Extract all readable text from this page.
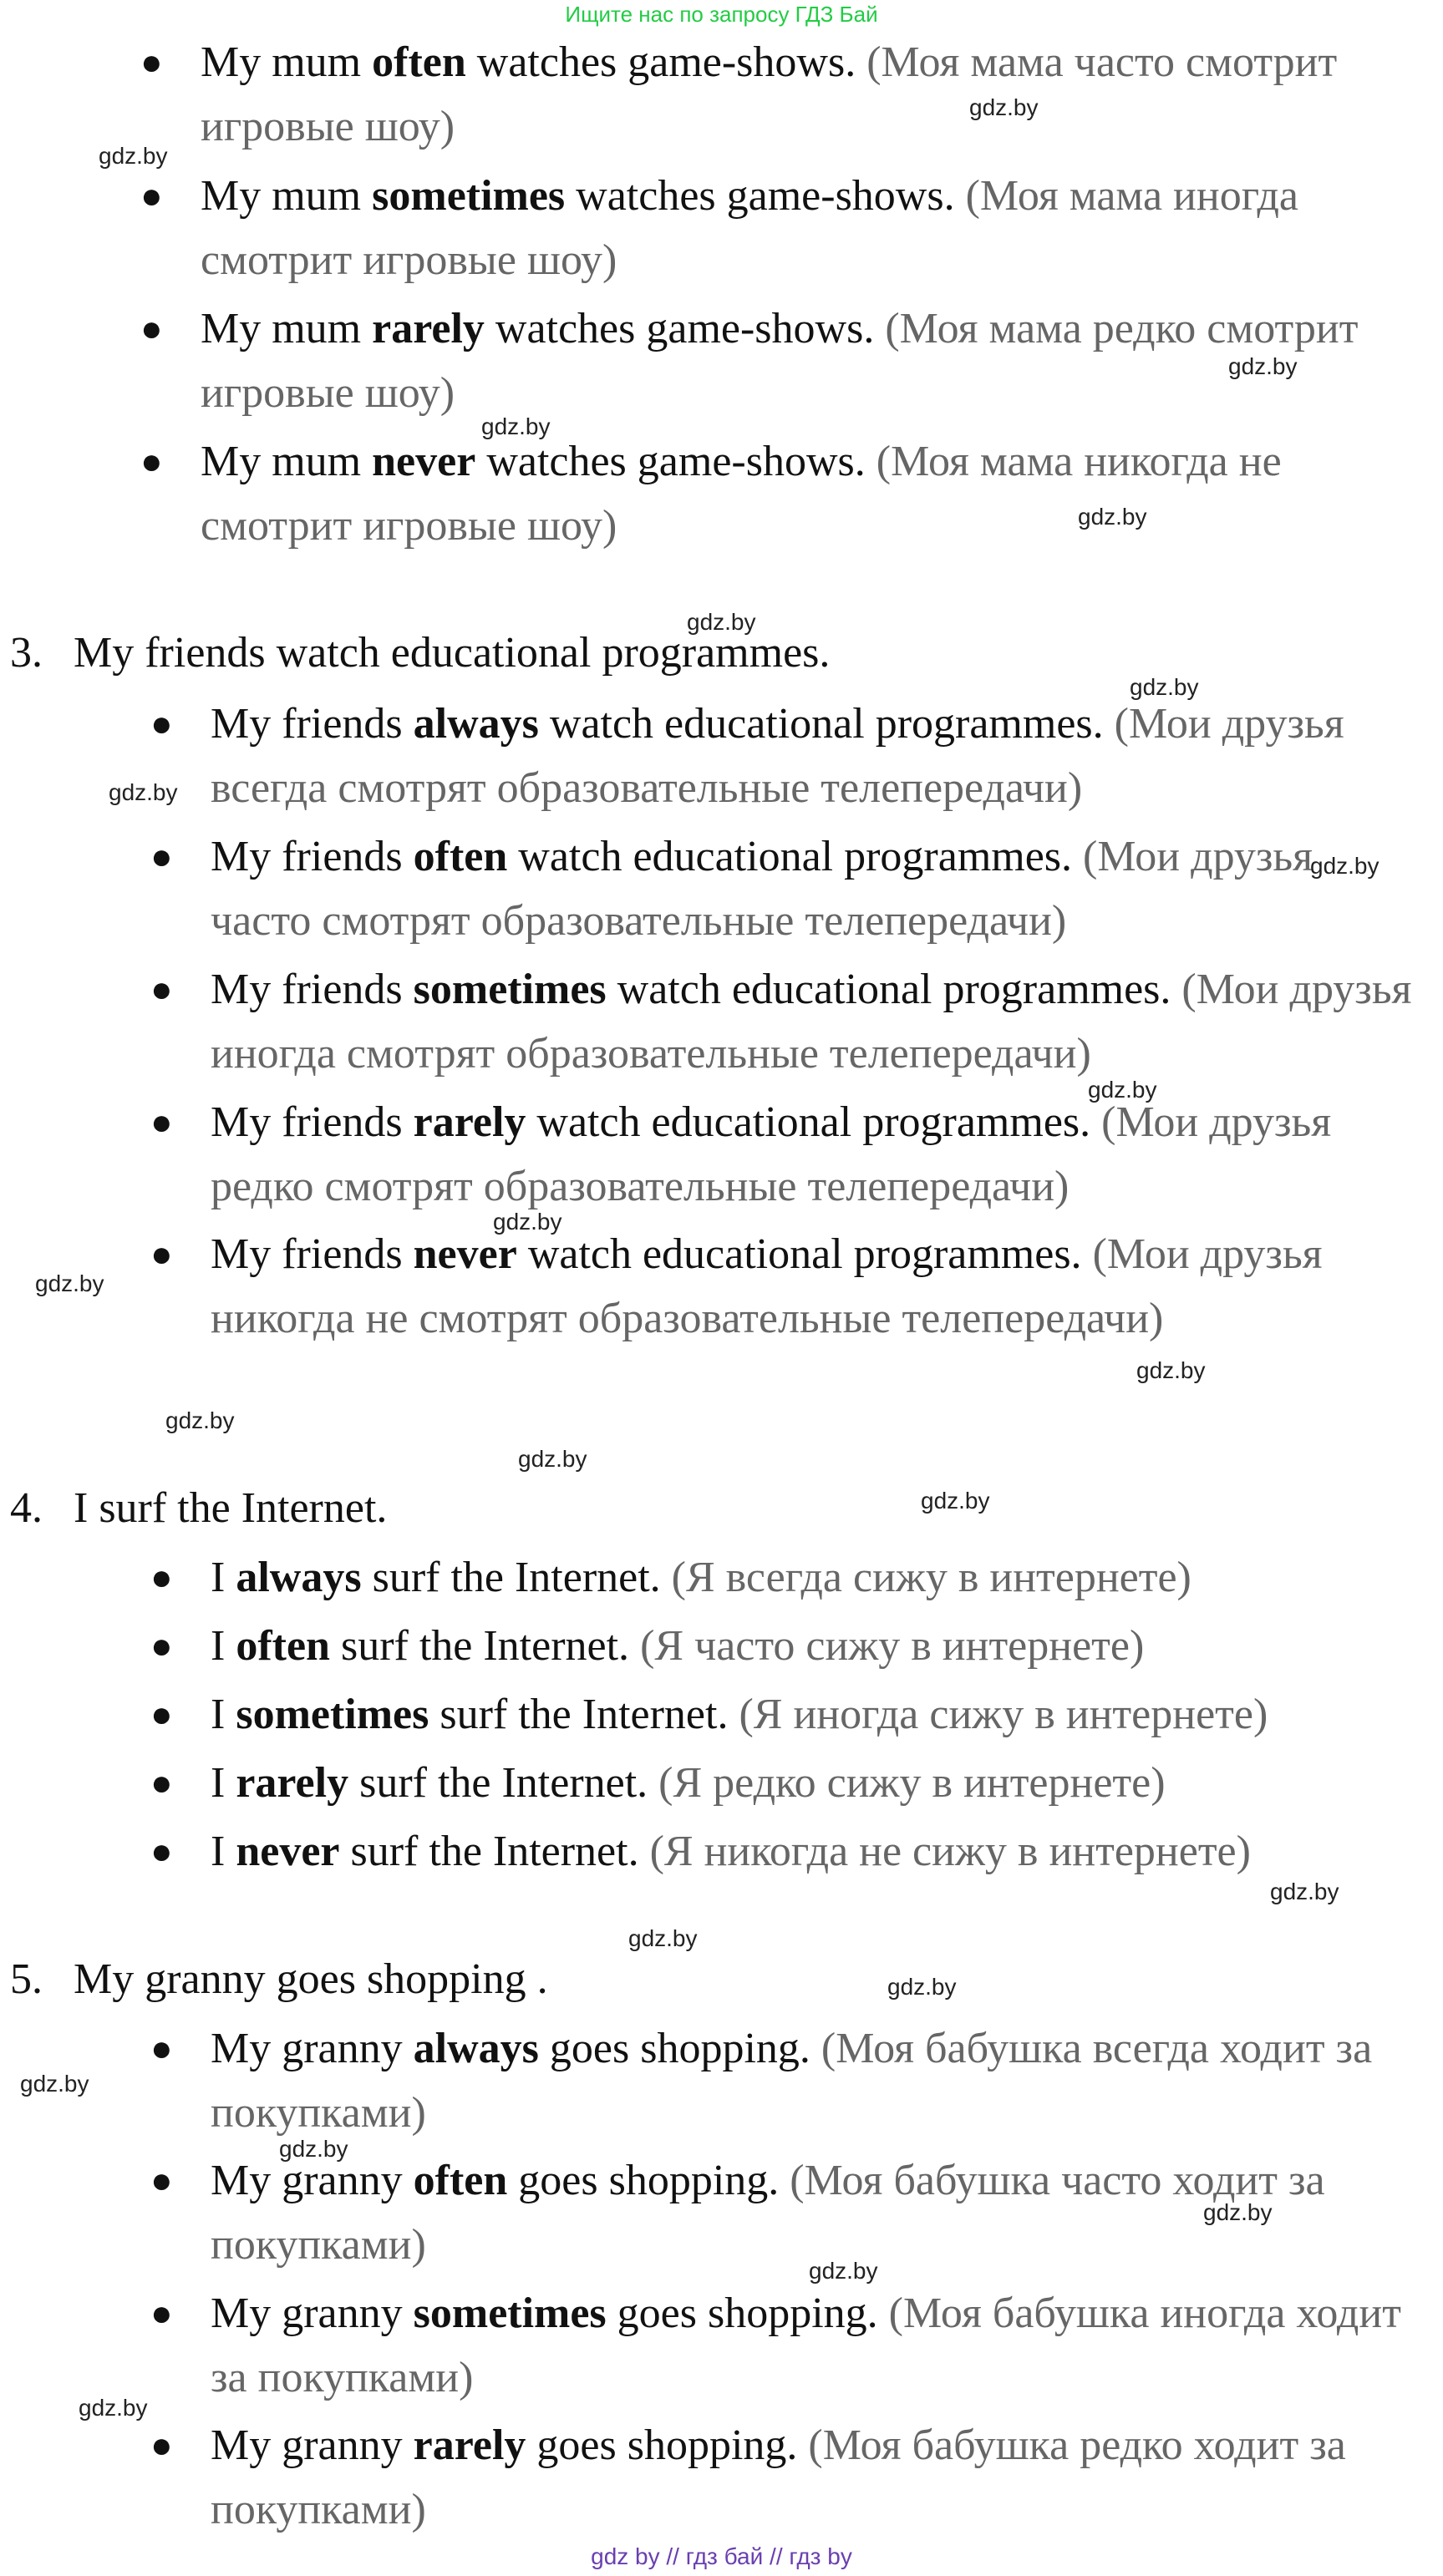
Ищите нас по запросу ГДЗ Бай
● My mum often watches game-shows. (Моя мама часто смотрит игровые шоу)
● My mum sometimes watches game-shows. (Моя мама иногда смотрит игровые шоу)
● My mum rarely watches game-shows. (Моя мама редко смотрит игровые шоу)
● My mum never watches game-shows. (Моя мама никогда не смотрит игровые шоу)
3. My friends watch educational programmes.
● My friends always watch educational programmes. (Мои друзья всегда смотрят образовательные телепередачи)
● My friends often watch educational programmes. (Мои друзья часто смотрят образовательные телепередачи)
● My friends sometimes watch educational programmes. (Мои друзья иногда смотрят образовательные телепередачи)
● My friends rarely watch educational programmes. (Мои друзья редко смотрят образовательные телепередачи)
● My friends never watch educational programmes. (Мои друзья никогда не смотрят образовательные телепередачи)
4. I surf the Internet.
● I always surf the Internet. (Я всегда сижу в интернете)
● I often surf the Internet. (Я часто сижу в интернете)
● I sometimes surf the Internet. (Я иногда сижу в интернете)
● I rarely surf the Internet. (Я редко сижу в интернете)
● I never surf the Internet. (Я никогда не сижу в интернете)
5. My granny goes shopping .
● My granny always goes shopping. (Моя бабушка всегда ходит за покупками)
● My granny often goes shopping. (Моя бабушка часто ходит за покупками)
● My granny sometimes goes shopping. (Моя бабушка иногда ходит за покупками)
● My granny rarely goes shopping. (Моя бабушка редко ходит за покупками)
gdz.by
gdz.by
gdz.by
gdz.by
gdz.by
gdz.by
gdz.by
gdz.by
gdz.by
gdz.by
gdz.by
gdz.by
gdz.by
gdz.by
gdz.by
gdz.by
gdz.by
gdz.by
gdz.by
gdz.by
gdz.by
gdz.by
gdz.by
gdz.by
gdz by // гдз бай // гдз by
